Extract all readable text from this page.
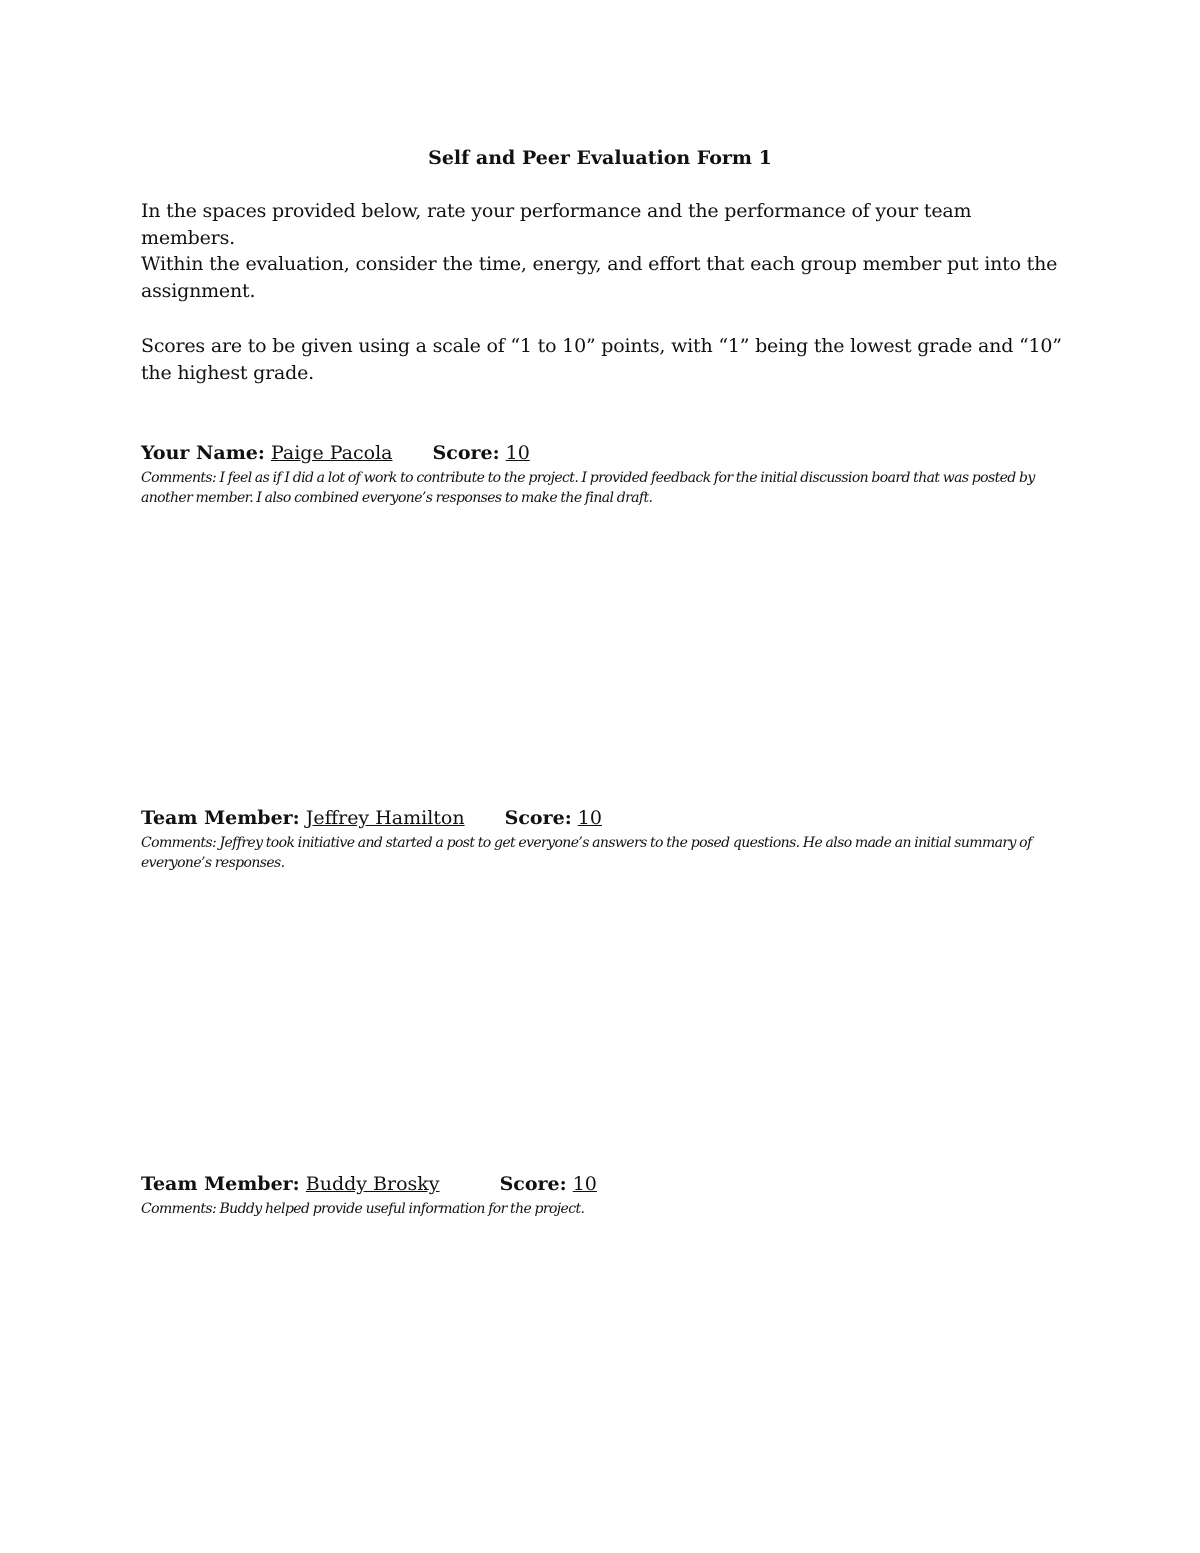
Self and Peer Evaluation Form 1
In the spaces provided below, rate your performance and the performance of your team members.
Within the evaluation, consider the time, energy, and effort that each group member put into the assignment.
Scores are to be given using a scale of “1 to 10” points, with “1” being the lowest grade and “10” the highest grade.
Your Name: Paige Pacola Score: 10
Comments: I feel as if I did a lot of work to contribute to the project. I provided feedback for the initial discussion board that was posted by another member. I also combined everyone’s responses to make the final draft.
Team Member: Jeffrey Hamilton Score: 10
Comments: Jeffrey took initiative and started a post to get everyone’s answers to the posed questions. He also made an initial summary of everyone’s responses.
Team Member: Buddy Brosky	Score: 10
Comments: Buddy helped provide useful information for the project.
